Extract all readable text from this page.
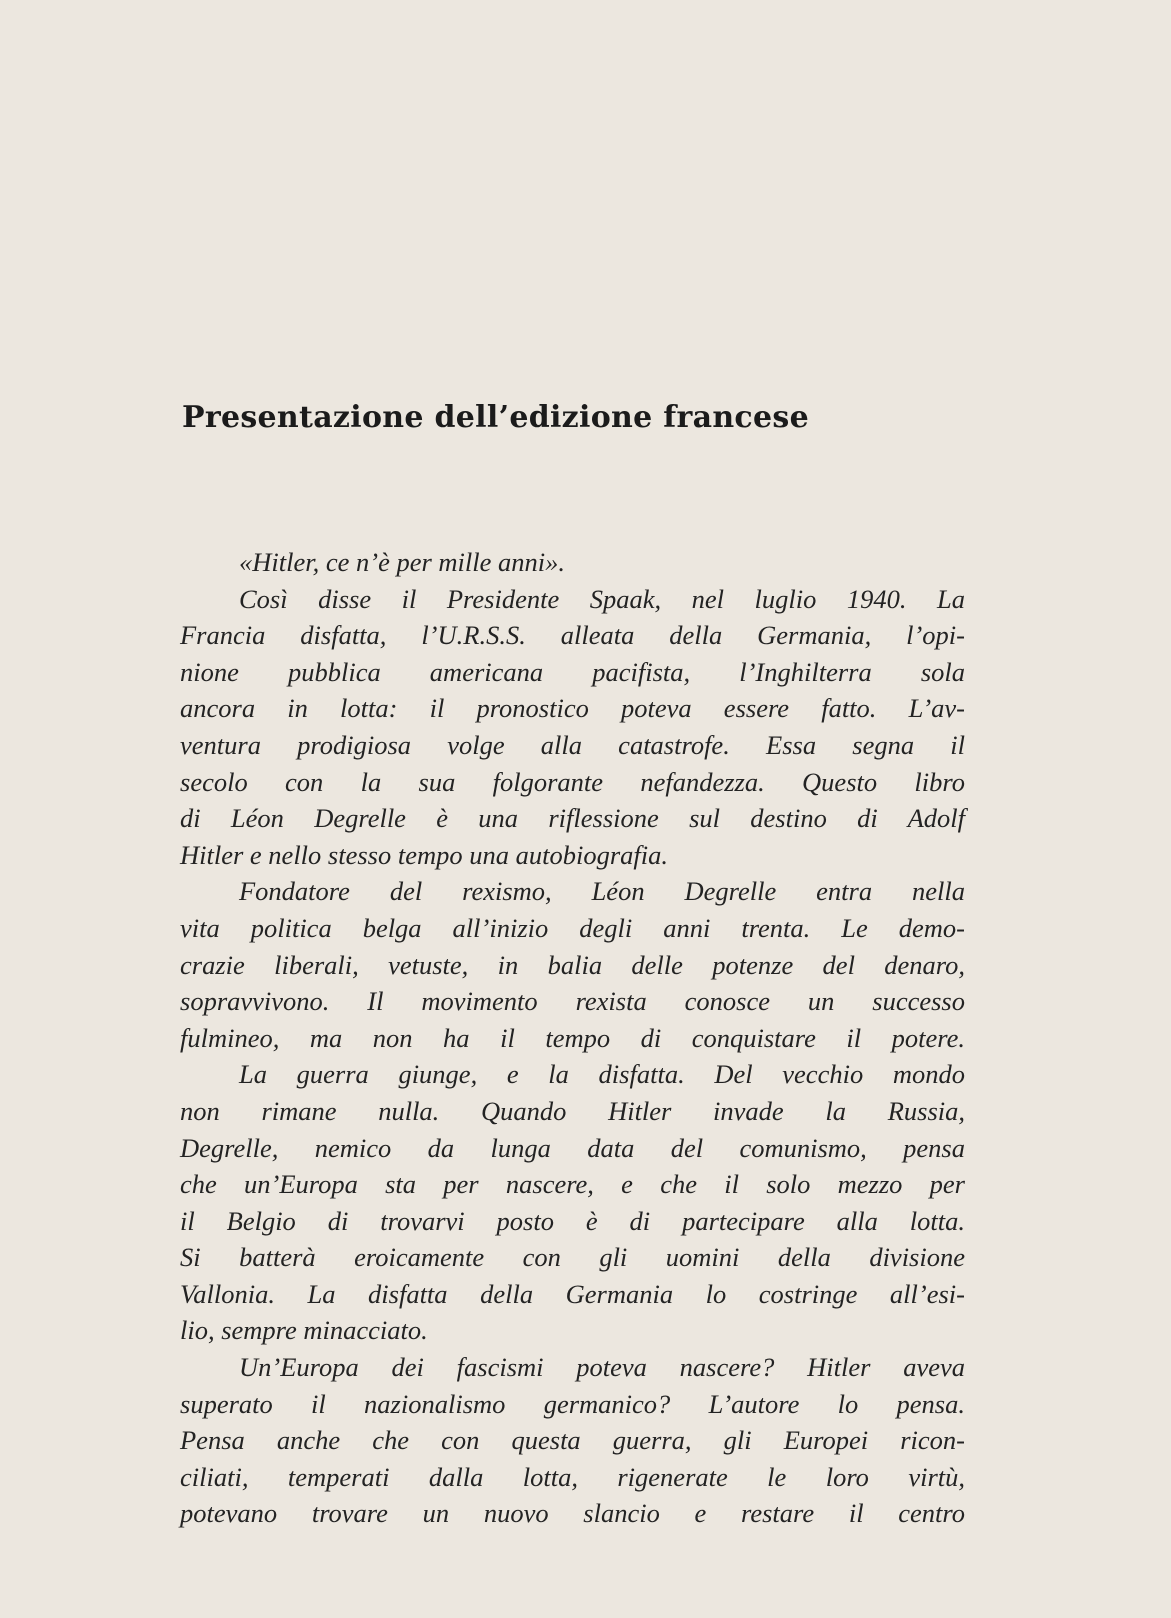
Presentazione dell’edizione francese
«Hitler, ce n’è per mille anni».
Così disse il Presidente Spaak, nel luglio 1940. La
Francia disfatta, l’U.R.S.S. alleata della Germania, l’opi-
nione pubblica americana pacifista, l’Inghilterra sola
ancora in lotta: il pronostico poteva essere fatto. L’av-
ventura prodigiosa volge alla catastrofe. Essa segna il
secolo con la sua folgorante nefandezza. Questo libro
di Léon Degrelle è una riflessione sul destino di Adolf
Hitler e nello stesso tempo una autobiografia.
Fondatore del rexismo, Léon Degrelle entra nella
vita politica belga all’inizio degli anni trenta. Le demo-
crazie liberali, vetuste, in balia delle potenze del denaro,
sopravvivono. Il movimento rexista conosce un successo
fulmineo, ma non ha il tempo di conquistare il potere.
La guerra giunge, e la disfatta. Del vecchio mondo
non rimane nulla. Quando Hitler invade la Russia,
Degrelle, nemico da lunga data del comunismo, pensa
che un’Europa sta per nascere, e che il solo mezzo per
il Belgio di trovarvi posto è di partecipare alla lotta.
Si batterà eroicamente con gli uomini della divisione
Vallonia. La disfatta della Germania lo costringe all’esi-
lio, sempre minacciato.
Un’Europa dei fascismi poteva nascere? Hitler aveva
superato il nazionalismo germanico? L’autore lo pensa.
Pensa anche che con questa guerra, gli Europei ricon-
ciliati, temperati dalla lotta, rigenerate le loro virtù,
potevano trovare un nuovo slancio e restare il centro
